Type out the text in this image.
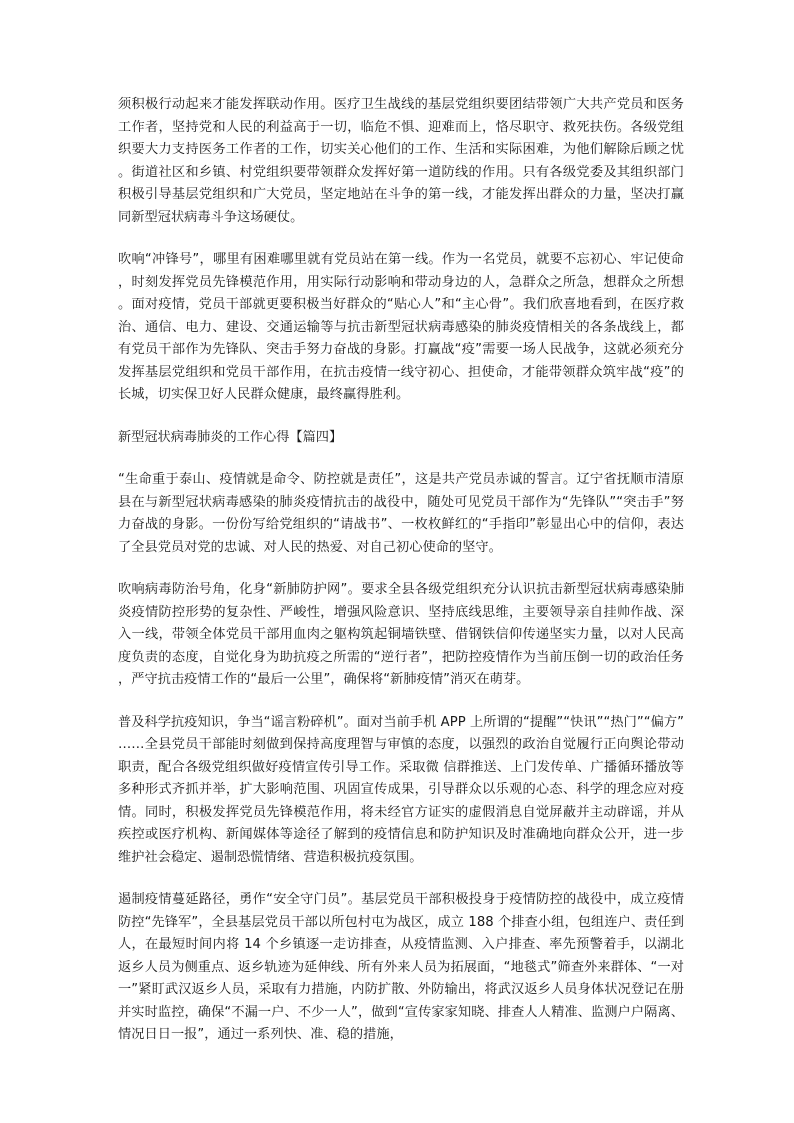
须积极行动起来才能发挥联动作用。医疗卫生战线的基层党组织要团结带领广大共产党员和医务工作者，坚持党和人民的利益高于一切，临危不惧、迎难而上，恪尽职守、救死扶伤。各级党组织要大力支持医务工作者的工作，切实关心他们的工作、生活和实际困难，为他们解除后顾之忧。街道社区和乡镇、村党组织要带领群众发挥好第一道防线的作用。只有各级党委及其组织部门积极引导基层党组织和广大党员，坚定地站在斗争的第一线，才能发挥出群众的力量，坚决打赢同新型冠状病毒斗争这场硬仗。

吹响“冲锋号”，哪里有困难哪里就有党员站在第一线。作为一名党员，就要不忘初心、牢记使命，时刻发挥党员先锋模范作用，用实际行动影响和带动身边的人，急群众之所急，想群众之所想。面对疫情，党员干部就更要积极当好群众的“贴心人”和“主心骨”。我们欣喜地看到，在医疗救治、通信、电力、建设、交通运输等与抗击新型冠状病毒感染的肺炎疫情相关的各条战线上，都有党员干部作为先锋队、突击手努力奋战的身影。打赢战“疫”需要一场人民战争，这就必须充分发挥基层党组织和党员干部作用，在抗击疫情一线守初心、担使命，才能带领群众筑牢战“疫”的长城，切实保卫好人民群众健康，最终赢得胜利。

新型冠状病毒肺炎的工作心得【篇四】

“生命重于泰山、疫情就是命令、防控就是责任”，这是共产党员赤诚的誓言。辽宁省抚顺市清原县在与新型冠状病毒感染的肺炎疫情抗击的战役中，随处可见党员干部作为“先锋队”“突击手”努力奋战的身影。一份份写给党组织的“请战书”、一枚枚鲜红的“手指印”彰显出心中的信仰，表达了全县党员对党的忠诚、对人民的热爱、对自己初心使命的坚守。

吹响病毒防治号角，化身“新肺防护网”。要求全县各级党组织充分认识抗击新型冠状病毒感染肺炎疫情防控形势的复杂性、严峻性，增强风险意识、坚持底线思维，主要领导亲自挂帅作战、深入一线，带领全体党员干部用血肉之躯构筑起铜墙铁壁、借钢铁信仰传递坚实力量，以对人民高度负责的态度，自觉化身为助抗疫之所需的“逆行者”，把防控疫情作为当前压倒一切的政治任务，严守抗击疫情工作的“最后一公里”，确保将“新肺疫情”消灭在萌芽。

普及科学抗疫知识，争当“谣言粉碎机”。面对当前手机 APP 上所谓的“提醒”“快讯”“热门”“偏方”……全县党员干部能时刻做到保持高度理智与审慎的态度，以强烈的政治自觉履行正向舆论带动职责，配合各级党组织做好疫情宣传引导工作。采取微 信群推送、上门发传单、广播循环播放等多种形式齐抓并举，扩大影响范围、巩固宣传成果，引导群众以乐观的心态、科学的理念应对疫情。同时，积极发挥党员先锋模范作用，将未经官方证实的虚假消息自觉屏蔽并主动辟谣，并从疾控或医疗机构、新闻媒体等途径了解到的疫情信息和防护知识及时准确地向群众公开，进一步维护社会稳定、遏制恐慌情绪、营造积极抗疫氛围。

遏制疫情蔓延路径，勇作“安全守门员”。基层党员干部积极投身于疫情防控的战役中，成立疫情防控“先锋军”，全县基层党员干部以所包村屯为战区，成立 188 个排查小组，包组连户、责任到人，在最短时间内将 14 个乡镇逐一走访排查，从疫情监测、入户排查、率先预警着手，以湖北返乡人员为侧重点、返乡轨迹为延伸线、所有外来人员为拓展面，“地毯式”筛查外来群体、“一对一”紧盯武汉返乡人员，采取有力措施，内防扩散、外防输出，将武汉返乡人员身体状况登记在册并实时监控，确保“不漏一户、不少一人”，做到“宣传家家知晓、排查人人精准、监测户户隔离、情况日日一报”，通过一系列快、准、稳的措施，
